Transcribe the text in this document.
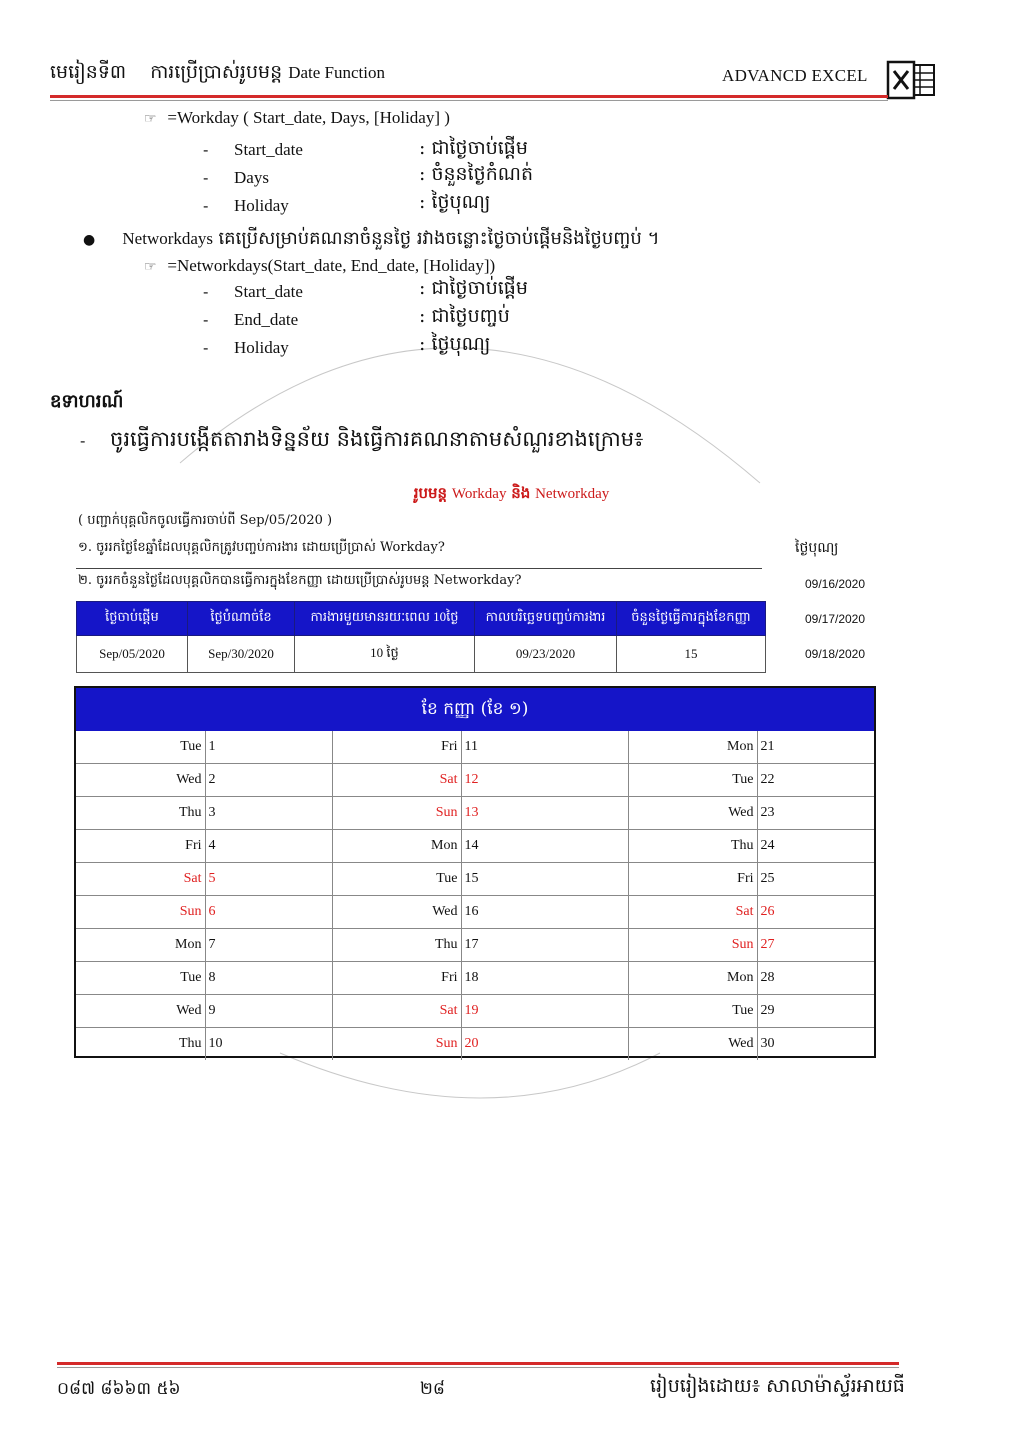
មេរៀនទី៣ ការប្រើប្រាស់រូបមន្ត Date Function	ADVANCD EXCEL
☞ =Workday ( Start_date, Days, [Holiday] )
- Start_date	: ជាថ្ងៃចាប់ផ្តើម
- Days	: ចំនួនថ្ងៃកំណត់
- Holiday	: ថ្ងៃបុណ្យ
● Networkdays គេប្រើសម្រាប់គណនាចំនួនថ្ងៃ រវាងចន្លោះថ្ងៃចាប់ផ្តើមនិងថ្ងៃបញ្ចប់ ។
☞ =Networkdays(Start_date, End_date, [Holiday])
- Start_date	: ជាថ្ងៃចាប់ផ្តើម
- End_date	: ជាថ្ងៃបញ្ចប់
- Holiday	: ថ្ងៃបុណ្យ
ឧទាហរណ៍
- ចូរធ្វើការបង្កើតតារាងទិន្នន័យ និងធ្វើការគណនាតាមសំណួរខាងក្រោម៖
រូបមន្ត Workday និង Networkday
( បញ្ជាក់បុគ្គលិកចូលធ្វើការចាប់ពី Sep/05/2020 )
១. ចូររកថ្ងៃខែឆ្នាំដែលបុគ្គលិកត្រូវបញ្ចប់ការងារ ដោយប្រើប្រាស់ Workday?
២. ចូររកចំនួនថ្ងៃដែលបុគ្គលិកបានធ្វើការក្នុងខែកញ្ញា ដោយប្រើប្រាស់រូបមន្ត Networkday?
ថ្ងៃបុណ្យ
09/16/2020
09/17/2020
09/18/2020
ថ្ងៃចាប់ផ្តើម	ថ្ងៃបំណាច់ខែ	ការងារមួយមានរយៈពេល 10ថ្ងៃ	កាលបរិច្ឆេទបញ្ចប់ការងារ	ចំនួនថ្ងៃធ្វើការក្នុងខែកញ្ញា
Sep/05/2020	Sep/30/2020	10 ថ្ងៃ	09/23/2020	15
ខែ កញ្ញា (ខែ ១)
Tue	1	Fri	11	Mon	21
Wed	2	Sat	12	Tue	22
Thu	3	Sun	13	Wed	23
Fri	4	Mon	14	Thu	24
Sat	5	Tue	15	Fri	25
Sun	6	Wed	16	Sat	26
Mon	7	Thu	17	Sun	27
Tue	8	Fri	18	Mon	28
Wed	9	Sat	19	Tue	29
Thu	10	Sun	20	Wed	30
០៨៧ ៨៦៦៣ ៥៦	២៨	រៀបរៀងដោយ៖ សាលាម៉ាស្ទ័រអាយធី
